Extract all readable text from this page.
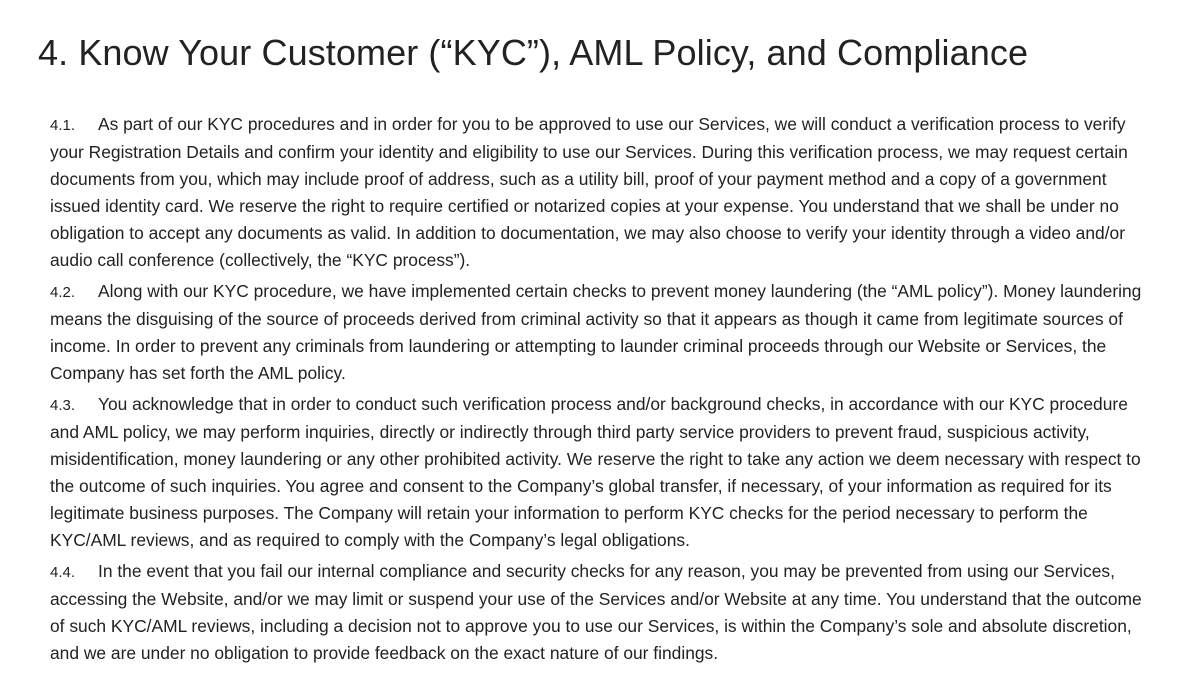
4. Know Your Customer (“KYC”), AML Policy, and Compliance

4.1. As part of our KYC procedures and in order for you to be approved to use our Services, we will conduct a verification process to verify your Registration Details and confirm your identity and eligibility to use our Services. During this verification process, we may request certain documents from you, which may include proof of address, such as a utility bill, proof of your payment method and a copy of a government issued identity card. We reserve the right to require certified or notarized copies at your expense. You understand that we shall be under no obligation to accept any documents as valid. In addition to documentation, we may also choose to verify your identity through a video and/or audio call conference (collectively, the “KYC process”).

4.2. Along with our KYC procedure, we have implemented certain checks to prevent money laundering (the “AML policy”). Money laundering means the disguising of the source of proceeds derived from criminal activity so that it appears as though it came from legitimate sources of income. In order to prevent any criminals from laundering or attempting to launder criminal proceeds through our Website or Services, the Company has set forth the AML policy.

4.3. You acknowledge that in order to conduct such verification process and/or background checks, in accordance with our KYC procedure and AML policy, we may perform inquiries, directly or indirectly through third party service providers to prevent fraud, suspicious activity, misidentification, money laundering or any other prohibited activity. We reserve the right to take any action we deem necessary with respect to the outcome of such inquiries. You agree and consent to the Company’s global transfer, if necessary, of your information as required for its legitimate business purposes. The Company will retain your information to perform KYC checks for the period necessary to perform the KYC/AML reviews, and as required to comply with the Company’s legal obligations.

4.4. In the event that you fail our internal compliance and security checks for any reason, you may be prevented from using our Services, accessing the Website, and/or we may limit or suspend your use of the Services and/or Website at any time. You understand that the outcome of such KYC/AML reviews, including a decision not to approve you to use our Services, is within the Company’s sole and absolute discretion, and we are under no obligation to provide feedback on the exact nature of our findings.
